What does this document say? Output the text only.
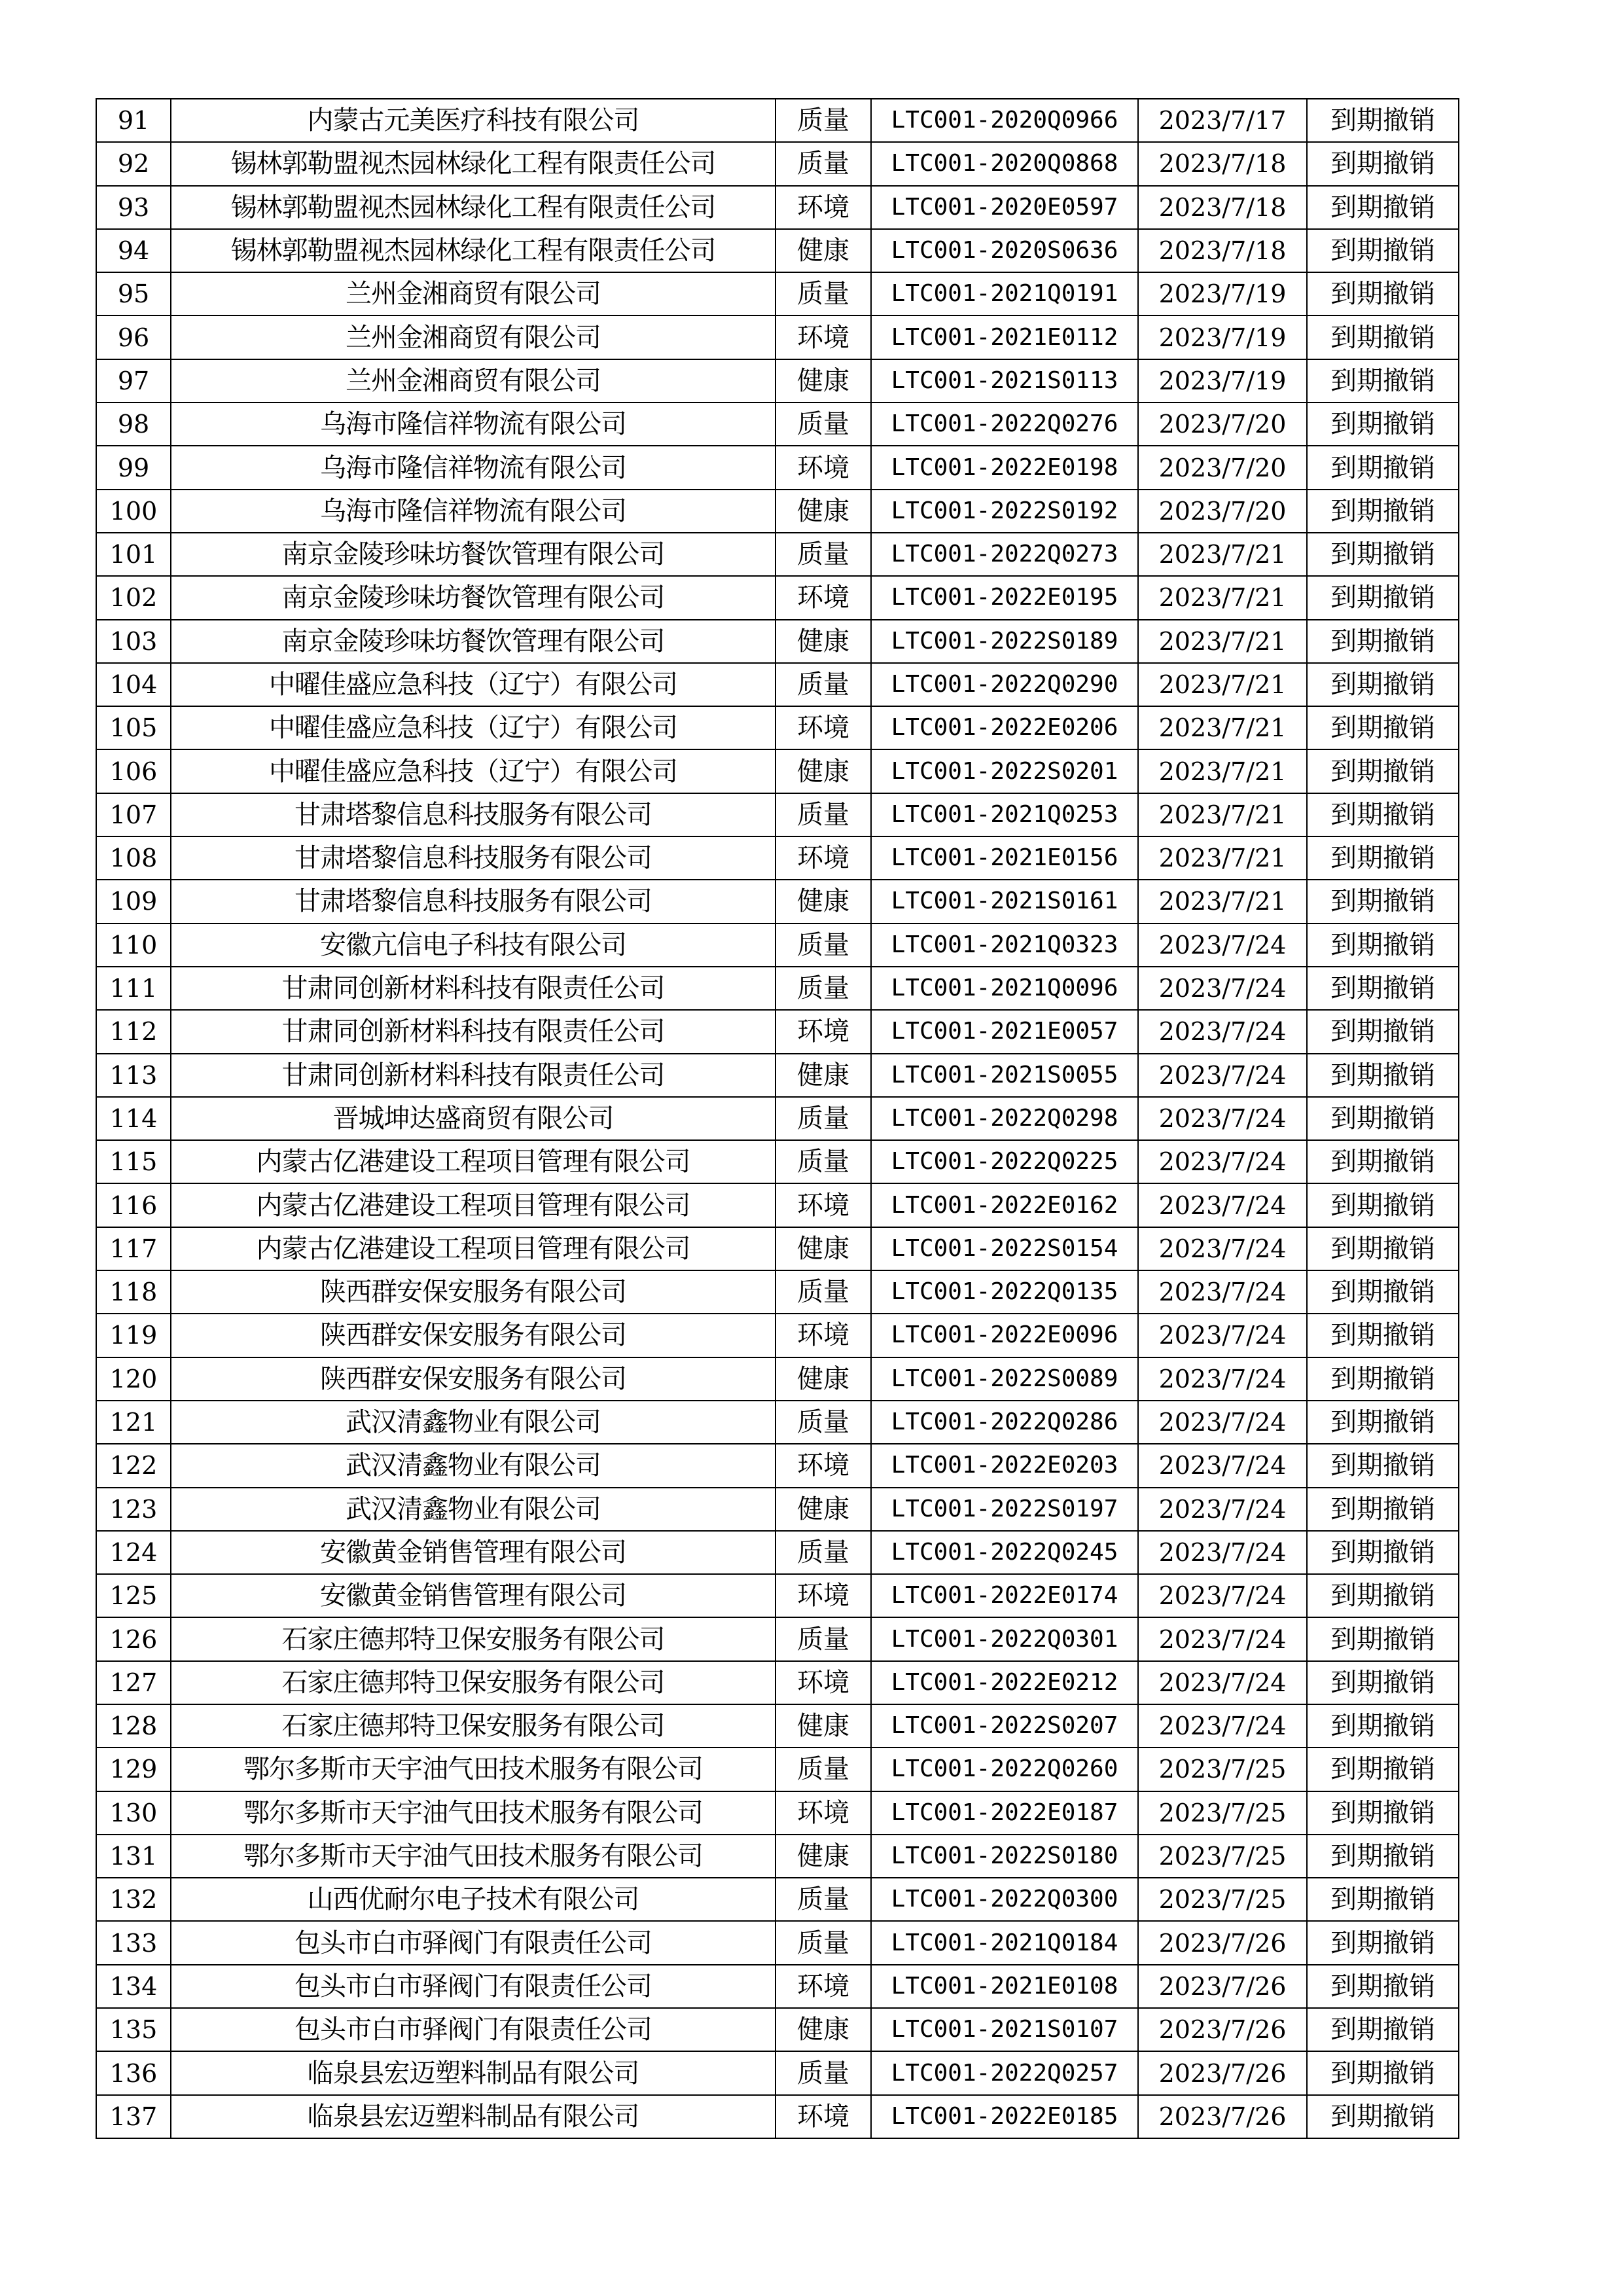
91	内蒙古元美医疗科技有限公司	质量	LTC001-2020Q0966	2023/7/17	到期撤销
92	锡林郭勒盟视杰园林绿化工程有限责任公司	质量	LTC001-2020Q0868	2023/7/18	到期撤销
93	锡林郭勒盟视杰园林绿化工程有限责任公司	环境	LTC001-2020E0597	2023/7/18	到期撤销
94	锡林郭勒盟视杰园林绿化工程有限责任公司	健康	LTC001-2020S0636	2023/7/18	到期撤销
95	兰州金湘商贸有限公司	质量	LTC001-2021Q0191	2023/7/19	到期撤销
96	兰州金湘商贸有限公司	环境	LTC001-2021E0112	2023/7/19	到期撤销
97	兰州金湘商贸有限公司	健康	LTC001-2021S0113	2023/7/19	到期撤销
98	乌海市隆信祥物流有限公司	质量	LTC001-2022Q0276	2023/7/20	到期撤销
99	乌海市隆信祥物流有限公司	环境	LTC001-2022E0198	2023/7/20	到期撤销
100	乌海市隆信祥物流有限公司	健康	LTC001-2022S0192	2023/7/20	到期撤销
101	南京金陵珍味坊餐饮管理有限公司	质量	LTC001-2022Q0273	2023/7/21	到期撤销
102	南京金陵珍味坊餐饮管理有限公司	环境	LTC001-2022E0195	2023/7/21	到期撤销
103	南京金陵珍味坊餐饮管理有限公司	健康	LTC001-2022S0189	2023/7/21	到期撤销
104	中曜佳盛应急科技（辽宁）有限公司	质量	LTC001-2022Q0290	2023/7/21	到期撤销
105	中曜佳盛应急科技（辽宁）有限公司	环境	LTC001-2022E0206	2023/7/21	到期撤销
106	中曜佳盛应急科技（辽宁）有限公司	健康	LTC001-2022S0201	2023/7/21	到期撤销
107	甘肃塔黎信息科技服务有限公司	质量	LTC001-2021Q0253	2023/7/21	到期撤销
108	甘肃塔黎信息科技服务有限公司	环境	LTC001-2021E0156	2023/7/21	到期撤销
109	甘肃塔黎信息科技服务有限公司	健康	LTC001-2021S0161	2023/7/21	到期撤销
110	安徽亢信电子科技有限公司	质量	LTC001-2021Q0323	2023/7/24	到期撤销
111	甘肃同创新材料科技有限责任公司	质量	LTC001-2021Q0096	2023/7/24	到期撤销
112	甘肃同创新材料科技有限责任公司	环境	LTC001-2021E0057	2023/7/24	到期撤销
113	甘肃同创新材料科技有限责任公司	健康	LTC001-2021S0055	2023/7/24	到期撤销
114	晋城坤达盛商贸有限公司	质量	LTC001-2022Q0298	2023/7/24	到期撤销
115	内蒙古亿港建设工程项目管理有限公司	质量	LTC001-2022Q0225	2023/7/24	到期撤销
116	内蒙古亿港建设工程项目管理有限公司	环境	LTC001-2022E0162	2023/7/24	到期撤销
117	内蒙古亿港建设工程项目管理有限公司	健康	LTC001-2022S0154	2023/7/24	到期撤销
118	陕西群安保安服务有限公司	质量	LTC001-2022Q0135	2023/7/24	到期撤销
119	陕西群安保安服务有限公司	环境	LTC001-2022E0096	2023/7/24	到期撤销
120	陕西群安保安服务有限公司	健康	LTC001-2022S0089	2023/7/24	到期撤销
121	武汉清鑫物业有限公司	质量	LTC001-2022Q0286	2023/7/24	到期撤销
122	武汉清鑫物业有限公司	环境	LTC001-2022E0203	2023/7/24	到期撤销
123	武汉清鑫物业有限公司	健康	LTC001-2022S0197	2023/7/24	到期撤销
124	安徽黄金销售管理有限公司	质量	LTC001-2022Q0245	2023/7/24	到期撤销
125	安徽黄金销售管理有限公司	环境	LTC001-2022E0174	2023/7/24	到期撤销
126	石家庄德邦特卫保安服务有限公司	质量	LTC001-2022Q0301	2023/7/24	到期撤销
127	石家庄德邦特卫保安服务有限公司	环境	LTC001-2022E0212	2023/7/24	到期撤销
128	石家庄德邦特卫保安服务有限公司	健康	LTC001-2022S0207	2023/7/24	到期撤销
129	鄂尔多斯市天宇油气田技术服务有限公司	质量	LTC001-2022Q0260	2023/7/25	到期撤销
130	鄂尔多斯市天宇油气田技术服务有限公司	环境	LTC001-2022E0187	2023/7/25	到期撤销
131	鄂尔多斯市天宇油气田技术服务有限公司	健康	LTC001-2022S0180	2023/7/25	到期撤销
132	山西优耐尔电子技术有限公司	质量	LTC001-2022Q0300	2023/7/25	到期撤销
133	包头市白市驿阀门有限责任公司	质量	LTC001-2021Q0184	2023/7/26	到期撤销
134	包头市白市驿阀门有限责任公司	环境	LTC001-2021E0108	2023/7/26	到期撤销
135	包头市白市驿阀门有限责任公司	健康	LTC001-2021S0107	2023/7/26	到期撤销
136	临泉县宏迈塑料制品有限公司	质量	LTC001-2022Q0257	2023/7/26	到期撤销
137	临泉县宏迈塑料制品有限公司	环境	LTC001-2022E0185	2023/7/26	到期撤销
